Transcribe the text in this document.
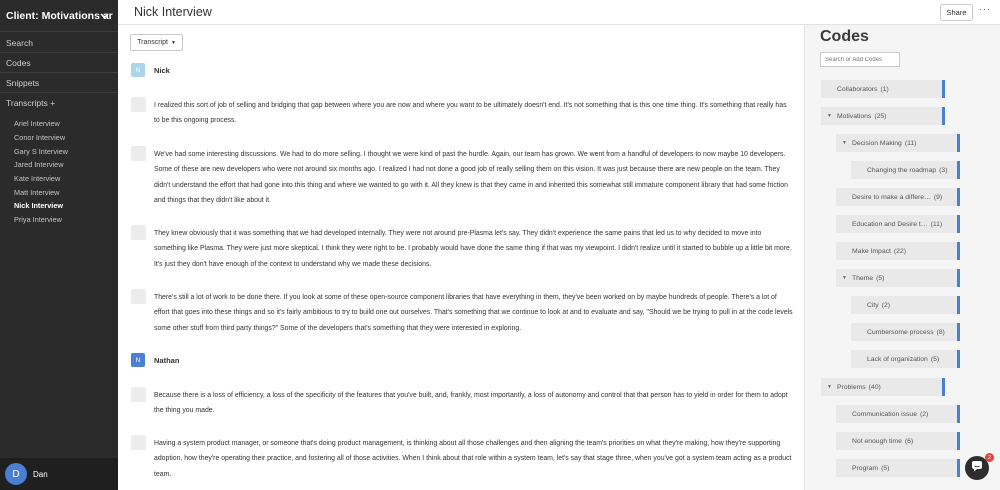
Client: Motivations ar
Search
Codes
Snippets
Transcripts +
Ariel Interview
Conor Interview
Gary S Interview
Jared Interview
Kate Interview
Matt Interview
Nick Interview
Priya Interview
D	Dan
Nick Interview	Share	···
Transcript ▼
N	Nick
I realized this sort of job of selling and bridging that gap between where you are now and where you want to be ultimately doesn't end. It's not something that is this one time thing. It's something that really has to be this ongoing process.
We've had some interesting discussions. We had to do more selling. I thought we were kind of past the hurdle. Again, our team has grown. We went from a handful of developers to now maybe 10 developers. Some of these are new developers who were not around six months ago. I realized I had not done a good job of really selling them on this vision. It was just because there are new people on the team. They didn't understand the effort that had gone into this thing and where we wanted to go with it. All they knew is that they came in and inherited this somewhat still immature component library that had some friction and things that they didn't like about it.
They knew obviously that it was something that we had developed internally. They were not around pre-Plasma let's say. They didn't experience the same pains that led us to why decided to move into something like Plasma. They were just more skeptical. I think they were right to be. I probably would have done the same thing if that was my viewpoint. I didn't realize until it started to bubble up a little bit more. It's just they don't have enough of the context to understand why we made these decisions.
There's still a lot of work to be done there. If you look at some of these open-source component libraries that have everything in them, they've been worked on by maybe hundreds of people. There's a lot of effort that goes into these things and so it's fairly ambitious to try to build one out ourselves. That's something that we continue to look at and to evaluate and say, "Should we be trying to pull in at the code levels some other stuff from third party things?" Some of the developers that's something that they were interested in exploring.
N	Nathan
Because there is a loss of efficiency, a loss of the specificity of the features that you've built, and, frankly, most importantly, a loss of autonomy and control that that person has to yield in order for them to adopt the thing you made.
Having a system product manager, or someone that's doing product management, is thinking about all those challenges and then aligning the team's priorities on what they're making, how they're supporting adoption, how they're operating their practice, and fostering all of those activities. When I think about that role within a system team, let's say that stage three, when you've got a system team acting as a product team.
Codes
Search or Add Codes
Collaborators (1)
▼ Motivations (25)
▼ Decision Making (11)
Changing the roadmap (3)
Desire to make a differe… (9)
Education and Desire t… (11)
Make Impact (22)
▼ Theme (5)
City (2)
Cumbersome process (8)
Lack of organization (5)
▼ Problems (40)
Communication issue (2)
Not enough time (6)
Program (5)
2
